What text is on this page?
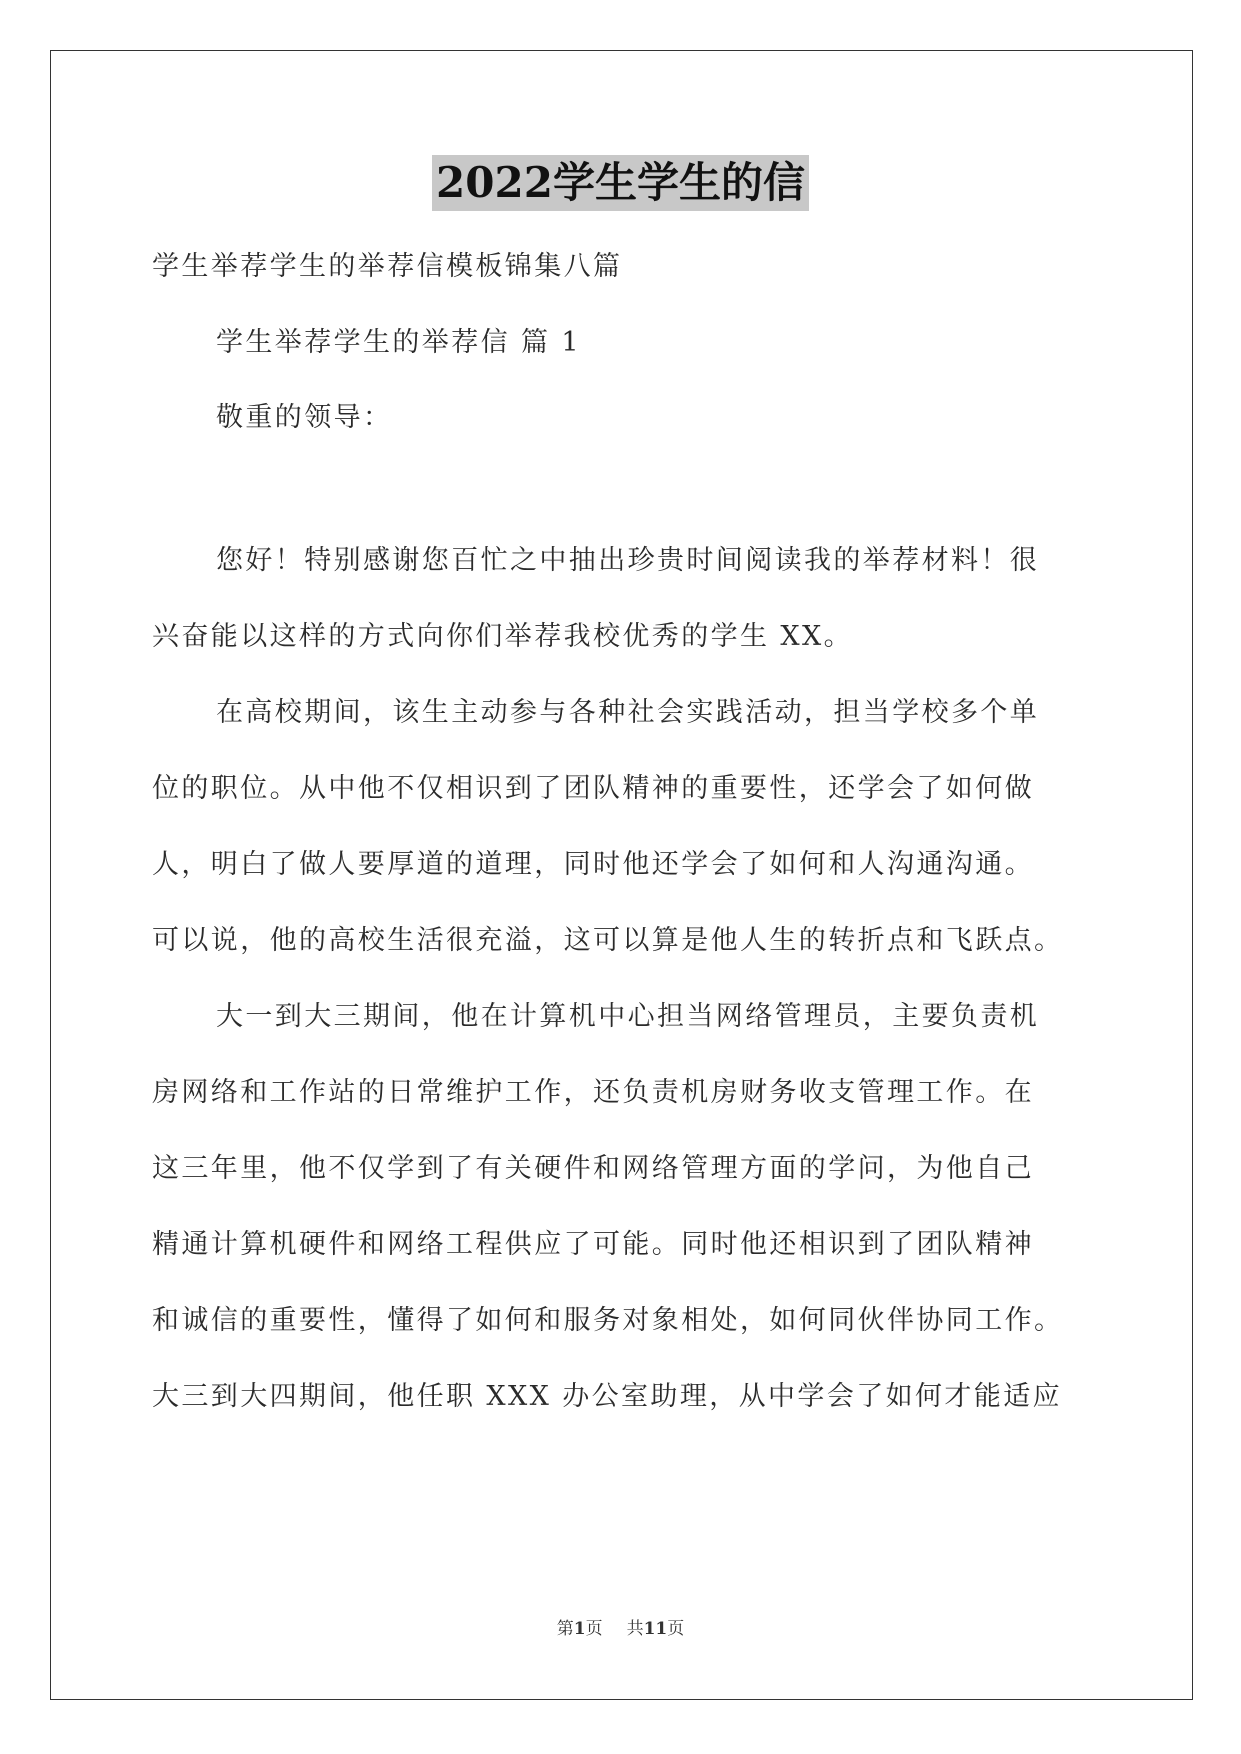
2022学生学生的信
学生举荐学生的举荐信模板锦集八篇
学生举荐学生的举荐信 篇 1
敬重的领导：
您好！特别感谢您百忙之中抽出珍贵时间阅读我的举荐材料！很
兴奋能以这样的方式向你们举荐我校优秀的学生 XX。
在高校期间，该生主动参与各种社会实践活动，担当学校多个单
位的职位。从中他不仅相识到了团队精神的重要性，还学会了如何做
人，明白了做人要厚道的道理，同时他还学会了如何和人沟通沟通。
可以说，他的高校生活很充溢，这可以算是他人生的转折点和飞跃点。
大一到大三期间，他在计算机中心担当网络管理员，主要负责机
房网络和工作站的日常维护工作，还负责机房财务收支管理工作。在
这三年里，他不仅学到了有关硬件和网络管理方面的学问，为他自己
精通计算机硬件和网络工程供应了可能。同时他还相识到了团队精神
和诚信的重要性，懂得了如何和服务对象相处，如何同伙伴协同工作。
大三到大四期间，他任职 XXX 办公室助理，从中学会了如何才能适应
第1页 共11页
